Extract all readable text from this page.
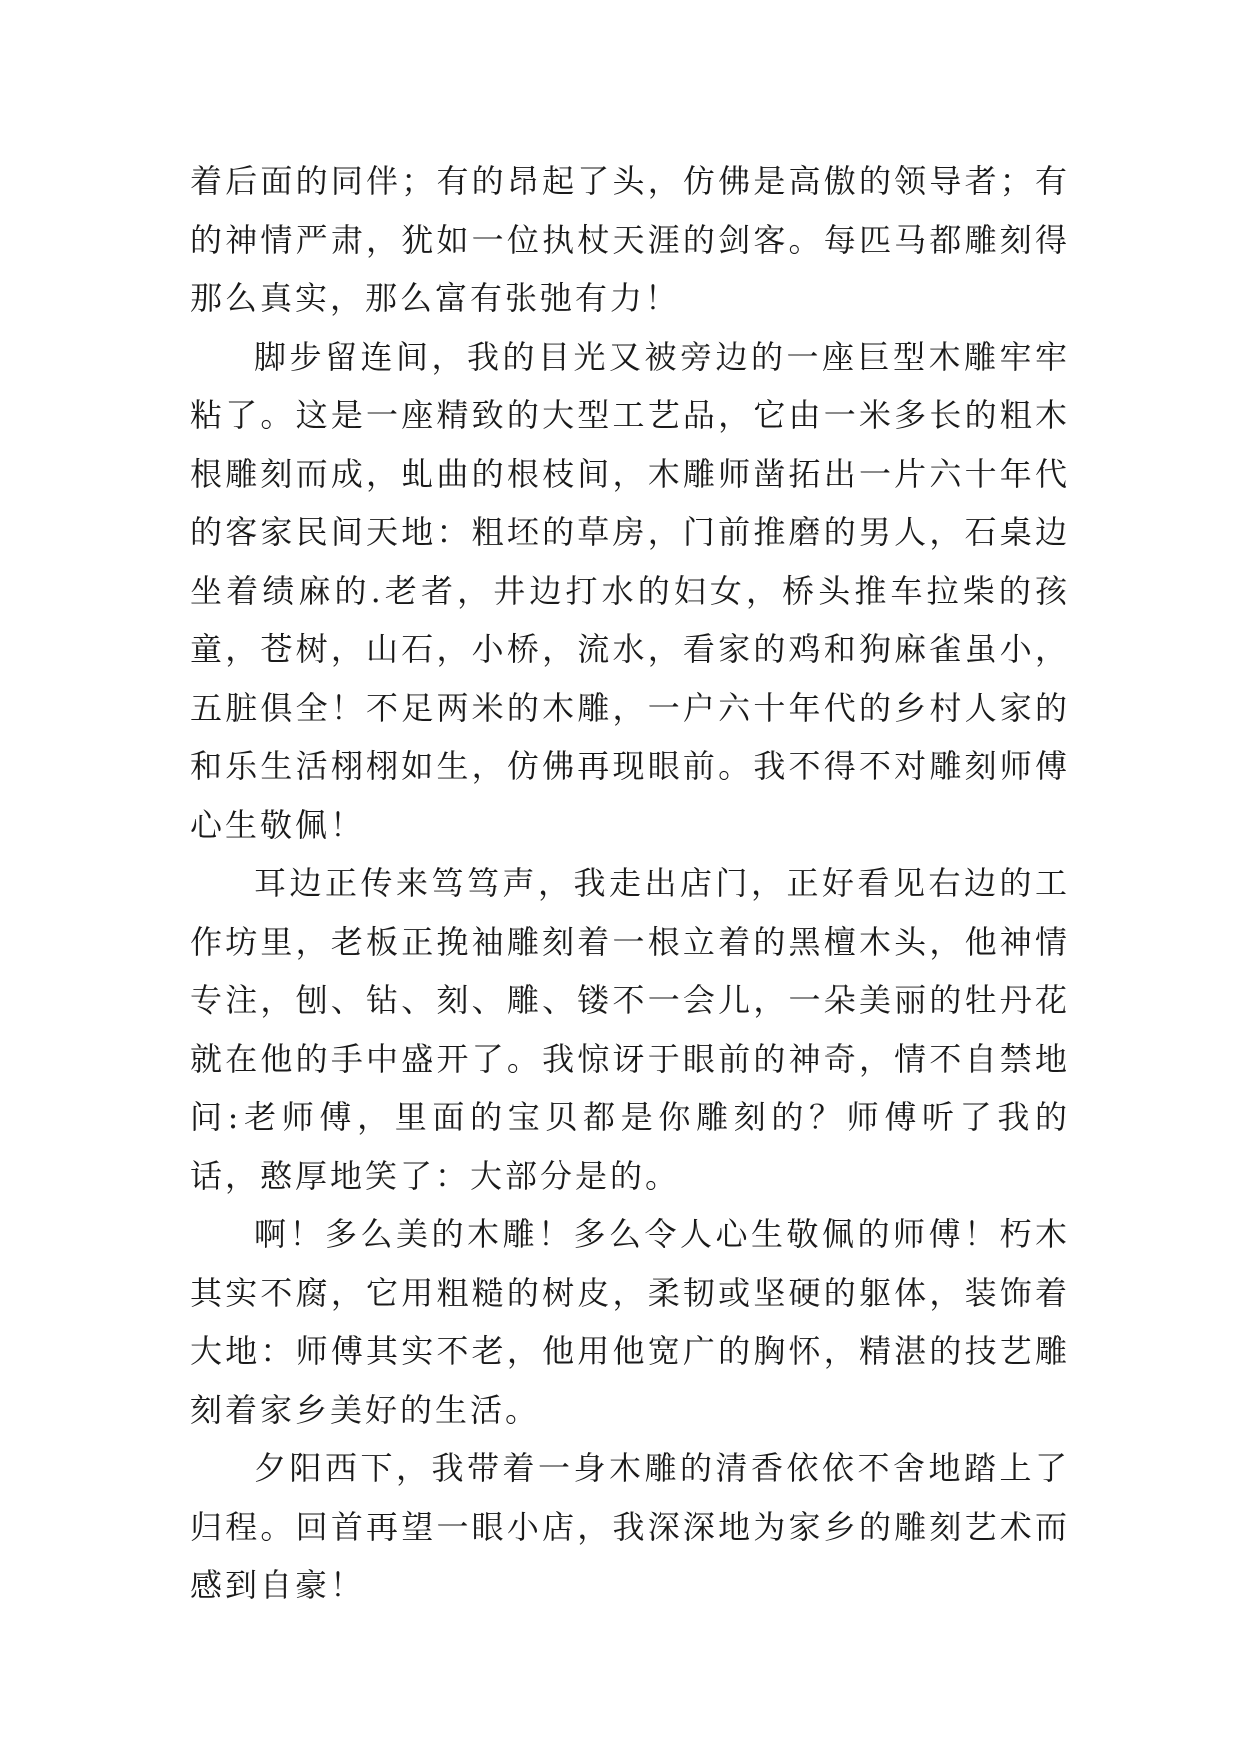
着后面的同伴；有的昂起了头，仿佛是高傲的领导者；有的神情严肃，犹如一位执杖天涯的剑客。每匹马都雕刻得那么真实，那么富有张弛有力！

脚步留连间，我的目光又被旁边的一座巨型木雕牢牢粘了。这是一座精致的大型工艺品，它由一米多长的粗木根雕刻而成，虬曲的根枝间，木雕师凿拓出一片六十年代的客家民间天地：粗坯的草房，门前推磨的男人，石桌边坐着绩麻的.老者，井边打水的妇女，桥头推车拉柴的孩童，苍树，山石，小桥，流水，看家的鸡和狗麻雀虽小，五脏俱全！不足两米的木雕，一户六十年代的乡村人家的和乐生活栩栩如生，仿佛再现眼前。我不得不对雕刻师傅心生敬佩！

耳边正传来笃笃声，我走出店门，正好看见右边的工作坊里，老板正挽袖雕刻着一根立着的黑檀木头，他神情专注，刨、钻、刻、雕、镂不一会儿，一朵美丽的牡丹花就在他的手中盛开了。我惊讶于眼前的神奇，情不自禁地问:老师傅，里面的宝贝都是你雕刻的？师傅听了我的话，憨厚地笑了：大部分是的。

啊！多么美的木雕！多么令人心生敬佩的师傅！朽木其实不腐，它用粗糙的树皮，柔韧或坚硬的躯体，装饰着大地：师傅其实不老，他用他宽广的胸怀，精湛的技艺雕刻着家乡美好的生活。

夕阳西下，我带着一身木雕的清香依依不舍地踏上了归程。回首再望一眼小店，我深深地为家乡的雕刻艺术而感到自豪！
